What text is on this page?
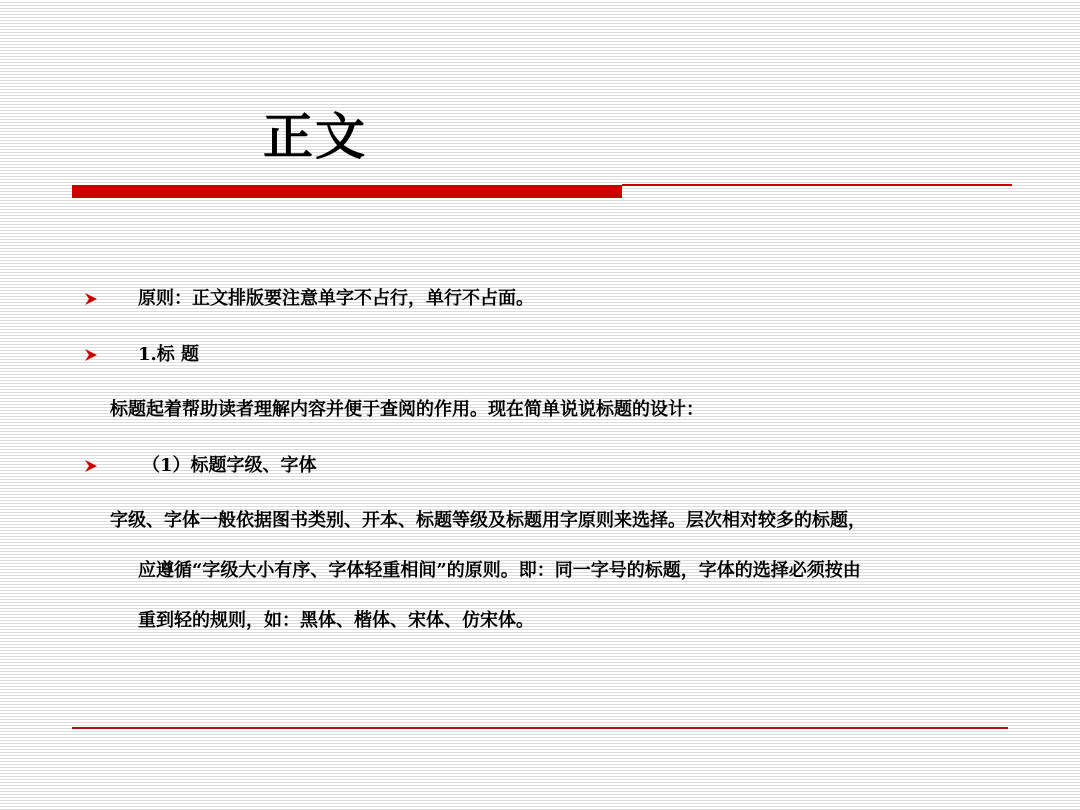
正文
原则：正文排版要注意单字不占行，单行不占面。
1.标 题
标题起着帮助读者理解内容并便于查阅的作用。现在简单说说标题的设计：
（1）标题字级、字体
字级、字体一般依据图书类别、开本、标题等级及标题用字原则来选择。层次相对较多的标题，
应遵循“字级大小有序、字体轻重相间”的原则。即：同一字号的标题，字体的选择必须按由
重到轻的规则，如：黑体、楷体、宋体、仿宋体。
